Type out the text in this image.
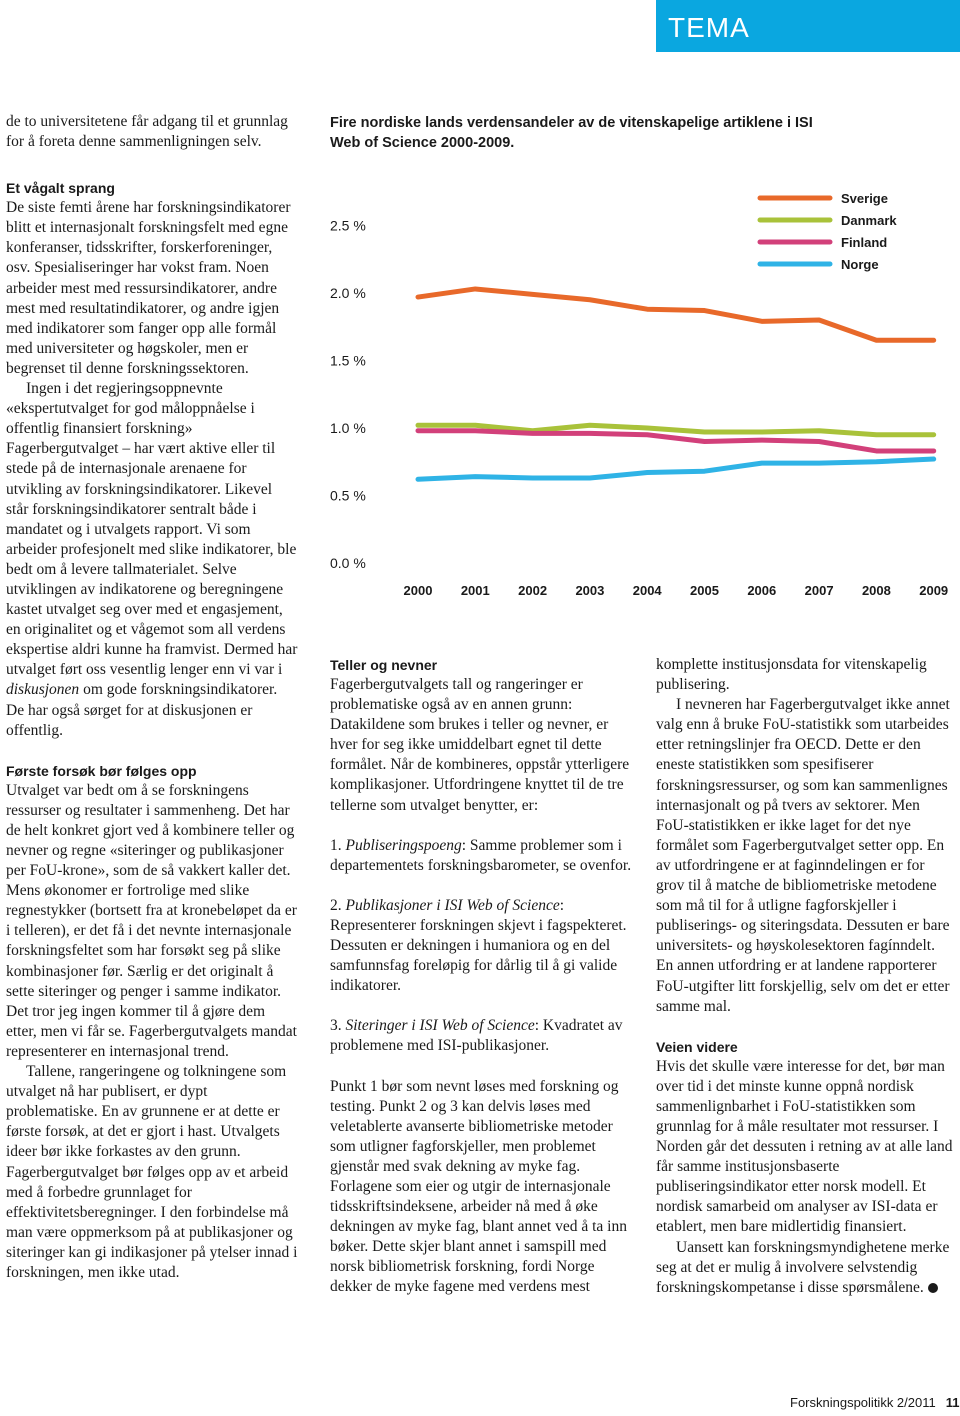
TEMA

de to universitetene får adgang til et grunnlag for å foreta denne sammenligningen selv.

Et vågalt sprang

De siste femti årene har forskningsindikatorer blitt et internasjonalt forskningsfelt med egne konferanser, tidsskrifter, forskerforeninger, osv. Spesialiseringer har vokst fram. Noen arbeider mest med ressursindikatorer, andre mest med resultatindikatorer, og andre igjen med indikatorer som fanger opp alle formål med universiteter og høgskoler, men er begrenset til denne forskningssektoren.

Ingen i det regjeringsoppnevnte «ekspertutvalget for god måloppnåelse i offentlig finansiert forskning» Fagerbergutvalget – har vært aktive eller til stede på de internasjonale arenaene for utvikling av forskningsindikatorer. Likevel står forskningsindikatorer sentralt både i mandatet og i utvalgets rapport. Vi som arbeider profesjonelt med slike indikatorer, ble bedt om å levere tallmaterialet. Selve utviklingen av indikatorene og beregningene kastet utvalget seg over med et engasjement, en originalitet og et vågemot som all verdens ekspertise aldri kunne ha framvist. Dermed har utvalget ført oss vesentlig lenger enn vi var i diskusjonen om gode forskningsindikatorer. De har også sørget for at diskusjonen er offentlig.

Første forsøk bør følges opp

Utvalget var bedt om å se forskningens ressurser og resultater i sammenheng. Det har de helt konkret gjort ved å kombinere teller og nevner og regne «siteringer og publikasjoner per FoU-krone», som de så vakkert kaller det. Mens økonomer er fortrolige med slike regnestykker (bortsett fra at kronebeløpet da er i telleren), er det få i det nevnte internasjonale forskningsfeltet som har forsøkt seg på slike kombinasjoner før. Særlig er det originalt å sette siteringer og penger i samme indikator. Det tror jeg ingen kommer til å gjøre dem etter, men vi får se. Fagerbergutvalgets mandat representerer en internasjonal trend.

Tallene, rangeringene og tolkningene som utvalget nå har publisert, er dypt problematiske. En av grunnene er at dette er første forsøk, at det er gjort i hast. Utvalgets ideer bør ikke forkastes av den grunn. Fagerbergutvalget bør følges opp av et arbeid med å forbedre grunnlaget for effektivitetsberegninger. I den forbindelse må man være oppmerksom på at publikasjoner og siteringer kan gi indikasjoner på ytelser innad i forskningen, men ikke utad.

Fire nordiske lands verdensandeler av de vitenskapelige artiklene i ISI Web of Science 2000-2009.
2.5 %
2.0 %
1.5 %
1.0 %
0.5 %
0.0 %
2000 2001 2002 2003 2004 2005 2006 2007 2008 2009
Sverige
Danmark
Finland
Norge
Teller og nevner

Fagerbergutvalgets tall og rangeringer er problematiske også av en annen grunn: Datakildene som brukes i teller og nevner, er hver for seg ikke umiddelbart egnet til dette formålet. Når de kombineres, oppstår ytterligere komplikasjoner. Utfordringene knyttet til de tre tellerne som utvalget benytter, er:

1. Publiseringspoeng: Samme problemer som i departementets forskningsbarometer, se ovenfor.

2. Publikasjoner i ISI Web of Science: Representerer forskningen skjevt i fagspekteret. Dessuten er dekningen i humaniora og en del samfunnsfag foreløpig for dårlig til å gi valide indikatorer.

3. Siteringer i ISI Web of Science: Kvadratet av problemene med ISI-publikasjoner.

Punkt 1 bør som nevnt løses med forskning og testing. Punkt 2 og 3 kan delvis løses med veletablerte avanserte bibliometriske metoder som utligner fagforskjeller, men problemet gjenstår med svak dekning av myke fag. Forlagene som eier og utgir de internasjonale tidsskriftsindeksene, arbeider nå med å øke dekningen av myke fag, blant annet ved å ta inn bøker. Dette skjer blant annet i samspill med norsk bibliometrisk forskning, fordi Norge dekker de myke fagene med verdens mest

komplette institusjonsdata for vitenskapelig publisering.

I nevneren har Fagerbergutvalget ikke annet valg enn å bruke FoU-statistikk som utarbeides etter retningslinjer fra OECD. Dette er den eneste statistikken som spesifiserer forskningsressurser, og som kan sammenlignes internasjonalt og på tvers av sektorer. Men FoU-statistikken er ikke laget for det nye formålet som Fagerbergutvalget setter opp. En av utfordringene er at faginndelingen er for grov til å matche de bibliometriske metodene som må til for å utligne fagforskjeller i publiserings- og siteringsdata. Dessuten er bare universitets- og høyskolesektoren fagínndelt. En annen utfordring er at landene rapporterer FoU-utgifter litt forskjellig, selv om det er etter samme mal.

Veien videre

Hvis det skulle være interesse for det, bør man over tid i det minste kunne oppnå nordisk sammenlignbarhet i FoU-statistikken som grunnlag for å måle resultater mot ressurser. I Norden går det dessuten i retning av at alle land får samme institusjonsbaserte publiseringsindikator etter norsk modell. Et nordisk samarbeid om analyser av ISI-data er etablert, men bare midlertidig finansiert.

Uansett kan forskningsmyndighetene merke seg at det er mulig å involvere selvstendig forskningskompetanse i disse spørsmålene.	F

Forskningspolitikk 2/2011 11
